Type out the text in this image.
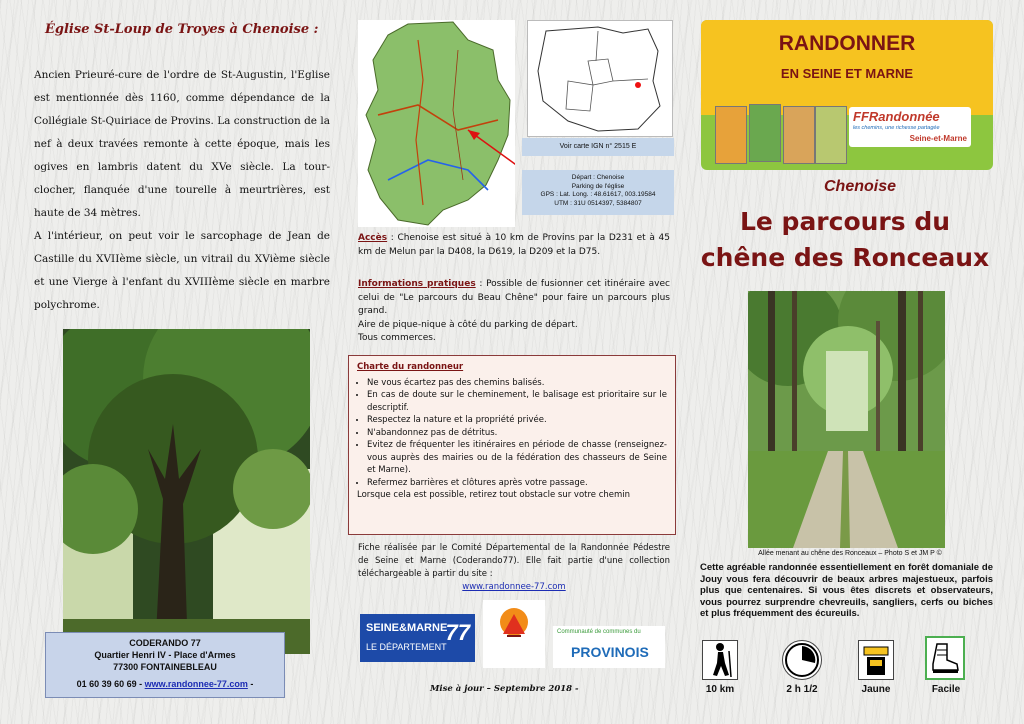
Église St-Loup de Troyes à Chenoise :

Ancien Prieuré-cure de l'ordre de St-Augustin, l'Eglise est mentionnée dès 1160, comme dépendance de la Collégiale St-Quiriace de Provins. La construction de la nef à deux travées remonte à cette époque, mais les ogives en lambris datent du XVe siècle. La tour-clocher, flanquée d'une tourelle à meurtrières, est haute de 34 mètres.

A l'intérieur, on peut voir le sarcophage de Jean de Castille du XVIIème siècle, un vitrail du XVième siècle et une Vierge à l'enfant du XVIIIème siècle en marbre polychrome.

CODERANDO 77
Quartier Henri IV - Place d'Armes
77300 FONTAINEBLEAU
01 60 39 60 69 - www.randonnee-77.com -
Voir carte IGN n° 2515 E
Départ : Chenoise
Parking de l'église
GPS : Lat. Long. : 48.61617, 003.19584
UTM : 31U 0514397, 5384807
Accès : Chenoise est situé à 10 km de Provins par la D231 et à 45 km de Melun par la D408, la D619, la D209 et la D75.
Informations pratiques : Possible de fusionner cet itinéraire avec celui de "Le parcours du Beau Chêne" pour faire un parcours plus grand.
Aire de pique-nique à côté du parking de départ.
Tous commerces.
Charte du randonneur
• Ne vous écartez pas des chemins balisés.
• En cas de doute sur le cheminement, le balisage est prioritaire sur le descriptif.
• Respectez la nature et la propriété privée.
• N'abandonnez pas de détritus.
• Evitez de fréquenter les itinéraires en période de chasse (renseignez-vous auprès des mairies ou de la fédération des chasseurs de Seine et Marne).
• Refermez barrières et clôtures après votre passage.
Lorsque cela est possible, retirez tout obstacle sur votre chemin
Fiche réalisée par le Comité Départemental de la Randonnée Pédestre de Seine et Marne (Coderando77). Elle fait partie d'une collection téléchargeable à partir du site :
www.randonnee-77.com
SEINE&MARNE
77
LE DÉPARTEMENT
Communauté de communes du
PROVINOIS
Mise à jour – Septembre 2018 -
RANDONNER
EN SEINE ET MARNE
FFRandonnée
les chemins, une richesse partagée
Seine-et-Marne
Chenoise
Le parcours du
chêne des Ronceaux
Allée menant au chêne des Ronceaux – Photo S et JM P ©
Cette agréable randonnée essentiellement en forêt domaniale de Jouy vous fera découvrir de beaux arbres majestueux, parfois plus que centenaires. Si vous êtes discrets et observateurs, vous pourrez surprendre chevreuils, sangliers, cerfs ou biches et plus fréquemment des écureuils.
10 km	2 h 1/2	Jaune	Facile
